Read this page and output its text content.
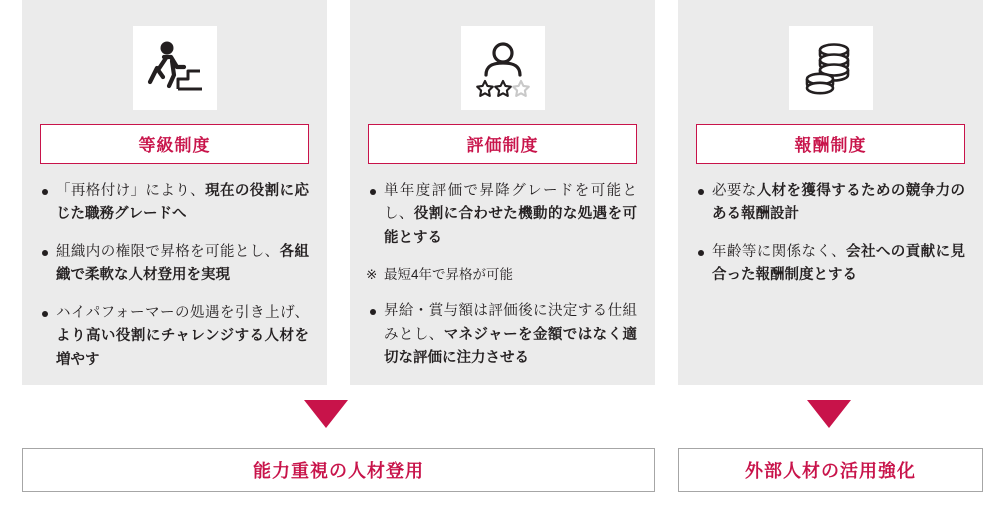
等級制度
「再格付け」により、現在の役割に応じた職務グレードへ
組織内の権限で昇格を可能とし、各組織で柔軟な人材登用を実現
ハイパフォーマーの処遇を引き上げ、より高い役割にチャレンジする人材を増やす
評価制度
単年度評価で昇降グレードを可能とし、役割に合わせた機動的な処遇を可能とする
※ 最短4年で昇格が可能
昇給・賞与額は評価後に決定する仕組みとし、マネジャーを金額ではなく適切な評価に注力させる
報酬制度
必要な人材を獲得するための競争力のある報酬設計
年齢等に関係なく、会社への貢献に見合った報酬制度とする
能力重視の人材登用	外部人材の活用強化
